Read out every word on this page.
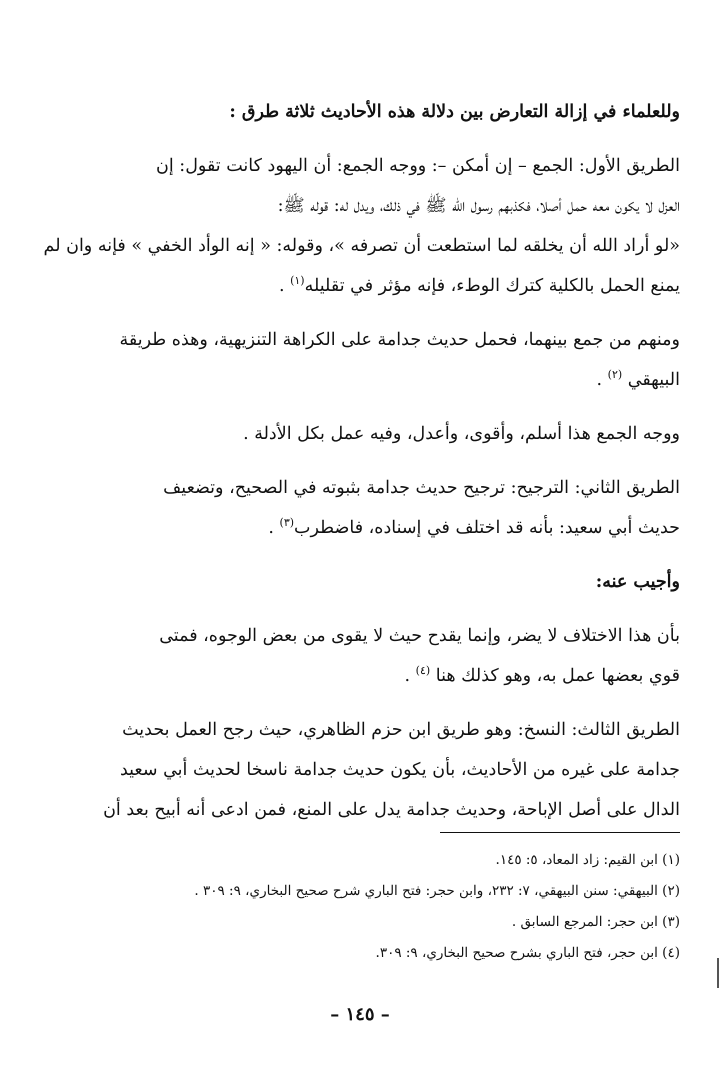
وللعلماء في إزالة التعارض بين دلالة هذه الأحاديث ثلاثة طرق :
الطريق الأول: الجمع – إن أمكن –: ووجه الجمع: أن اليهود كانت تقول: إن
العزل لا يكون معه حمل أصلا، فكذبهم رسول الله ﷺ في ذلك، ويدل له: قوله ﷺ:
«لو أراد الله أن يخلقه لما استطعت أن تصرفه »، وقوله: « إنه الوأد الخفي » فإنه وان لم
يمنع الحمل بالكلية كترك الوطء، فإنه مؤثر في تقليله$^{(١)}$ .
ومنهم من جمع بينهما، فحمل حديث جدامة على الكراهة التنزيهية، وهذه طريقة
البيهقي $^{(٢)}$ .
ووجه الجمع هذا أسلم، وأقوى، وأعدل، وفيه عمل بكل الأدلة .
الطريق الثاني: الترجيح: ترجيح حديث جدامة بثبوته في الصحيح، وتضعيف
حديث أبي سعيد: بأنه قد اختلف في إسناده، فاضطرب$^{(٣)}$ .
وأجيب عنه:
بأن هذا الاختلاف لا يضر، وإنما يقدح حيث لا يقوى من بعض الوجوه، فمتى
قوي بعضها عمل به، وهو كذلك هنا $^{(٤)}$ .
الطريق الثالث: النسخ: وهو طريق ابن حزم الظاهري، حيث رجح العمل بحديث
جدامة على غيره من الأحاديث، بأن يكون حديث جدامة ناسخا لحديث أبي سعيد
الدال على أصل الإباحة، وحديث جدامة يدل على المنع، فمن ادعى أنه أبيح بعد أن
(١) ابن القيم: زاد المعاد، ٥: ١٤٥.
(٢) البيهقي: سنن البيهقي، ٧: ٢٣٢، وابن حجر: فتح الباري شرح صحيح البخاري، ٩: ٣٠٩ .
(٣) ابن حجر: المرجع السابق .
(٤) ابن حجر، فتح الباري بشرح صحيح البخاري، ٩: ٣٠٩.
– ١٤٥ –
